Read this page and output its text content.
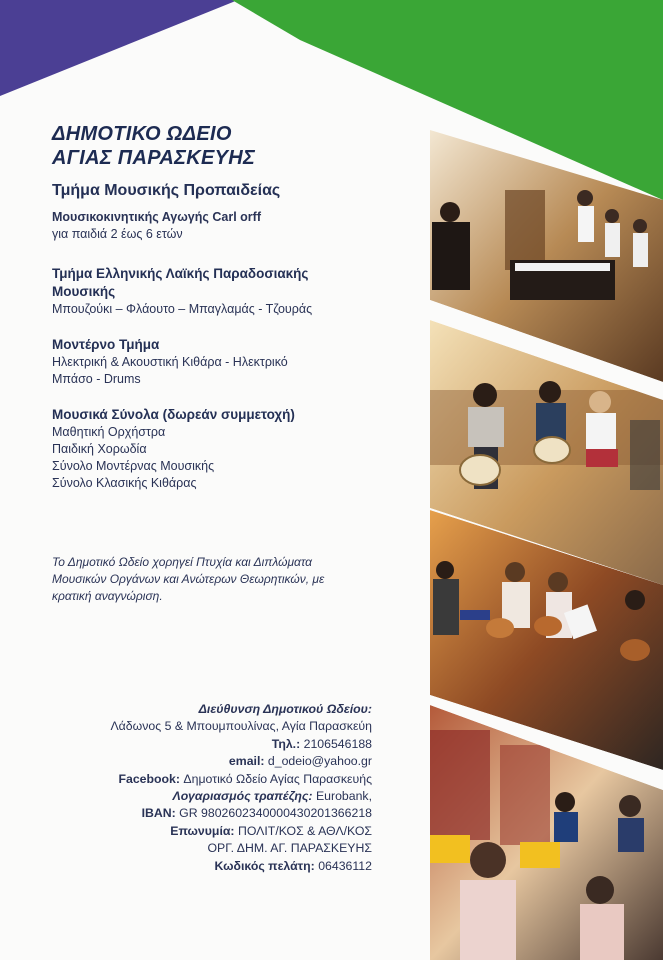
ΔΗΜΟΤΙΚΟ ΩΔΕΙΟ
ΑΓΙΑΣ ΠΑΡΑΣΚΕΥΗΣ
Τμήμα Μουσικής Προπαιδείας
Μουσικοκινητικής Αγωγής Carl orff
για παιδιά 2 έως 6 ετών
Τμήμα Ελληνικής Λαϊκής Παραδοσιακής
Μουσικής
Μπουζούκι – Φλάουτο – Μπαγλαμάς - Τζουράς
Μοντέρνο Τμήμα
Ηλεκτρική & Ακουστική Κιθάρα - Ηλεκτρικό
Μπάσο - Drums
Μουσικά Σύνολα (δωρεάν συμμετοχή)
Μαθητική Ορχήστρα
Παιδική Χορωδία
Σύνολο Μοντέρνας Μουσικής
Σύνολο Κλασικής Κιθάρας
Το Δημοτικό Ωδείο χορηγεί Πτυχία και Διπλώματα
Μουσικών Οργάνων και Ανώτερων Θεωρητικών, με
κρατική αναγνώριση.
Διεύθυνση Δημοτικού Ωδείου:
Λάδωνος 5 & Μπουμπουλίνας, Αγία Παρασκεύη
Τηλ.: 2106546188
email: d_odeio@yahoo.gr
Facebook: Δημοτικό Ωδείο Αγίας Παρασκευής
Λογαριασμός τραπέζης: Eurobank,
IBAN: GR 9802602340000430201366218
Επωνυμία: ΠΟΛΙΤ/ΚΟΣ & ΑΘΛ/ΚΟΣ
ΟΡΓ. ΔΗΜ. ΑΓ. ΠΑΡΑΣΚΕΥΗΣ
Κωδικός πελάτη: 06436112
